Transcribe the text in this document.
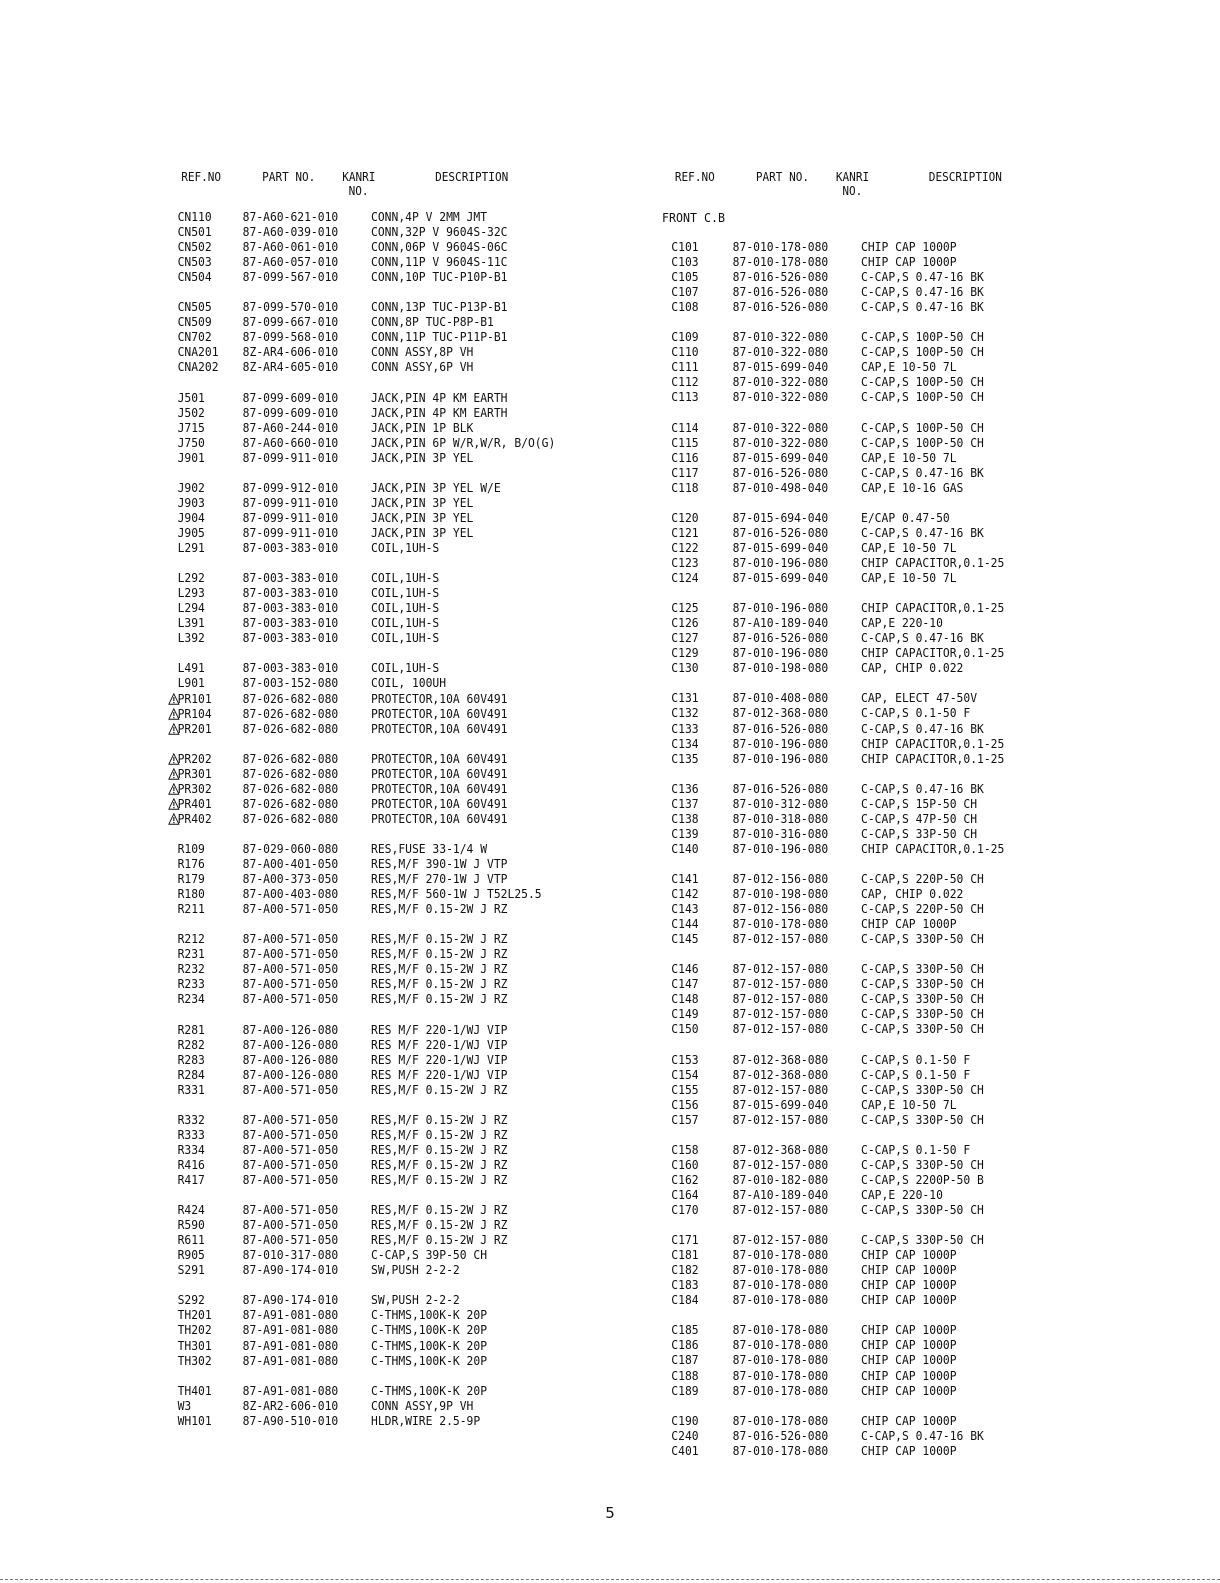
REF.NO	PART NO. KANRI
NO.
DESCRIPTION
CN110	87-A60-621-010	CONN,4P V 2MM JMT
CN501	87-A60-039-010	CONN,32P V 9604S-32C
CN502	87-A60-061-010	CONN,06P V 9604S-06C
CN503	87-A60-057-010	CONN,11P V 9604S-11C
CN504	87-099-567-010	CONN,10P TUC-P10P-B1
CN505	87-099-570-010	CONN,13P TUC-P13P-B1
CN509	87-099-667-010	CONN,8P TUC-P8P-B1
CN702	87-099-568-010	CONN,11P TUC-P11P-B1
CNA201 8Z-AR4-606-010	CONN ASSY,8P VH
CNA202 8Z-AR4-605-010	CONN ASSY,6P VH
J501	87-099-609-010	JACK,PIN 4P KM EARTH
J502	87-099-609-010	JACK,PIN 4P KM EARTH
J715	87-A60-244-010	JACK,PIN 1P BLK
J750	87-A60-660-010	JACK,PIN 6P W/R,W/R, B/O(G)
J901	87-099-911-010	JACK,PIN 3P YEL
J902	87-099-912-010	JACK,PIN 3P YEL W/E
J903	87-099-911-010	JACK,PIN 3P YEL
J904	87-099-911-010	JACK,PIN 3P YEL
J905	87-099-911-010	JACK,PIN 3P YEL
L291	87-003-383-010	COIL,1UH-S
L292	87-003-383-010	COIL,1UH-S
L293	87-003-383-010	COIL,1UH-S
L294	87-003-383-010	COIL,1UH-S
L391	87-003-383-010	COIL,1UH-S
L392	87-003-383-010	COIL,1UH-S
L491	87-003-383-010	COIL,1UH-S
L901	87-003-152-080	COIL, 100UH
PR101	87-026-682-080	PROTECTOR,10A 60V491
PR104	87-026-682-080	PROTECTOR,10A 60V491
PR201	87-026-682-080	PROTECTOR,10A 60V491
PR202	87-026-682-080	PROTECTOR,10A 60V491
PR301	87-026-682-080	PROTECTOR,10A 60V491
PR302	87-026-682-080	PROTECTOR,10A 60V491
PR401	87-026-682-080	PROTECTOR,10A 60V491
PR402	87-026-682-080	PROTECTOR,10A 60V491
R109	87-029-060-080	RES,FUSE 33-1/4 W
R176	87-A00-401-050	RES,M/F 390-1W J VTP
R179	87-A00-373-050	RES,M/F 270-1W J VTP
R180	87-A00-403-080	RES,M/F 560-1W J T52L25.5
R211	87-A00-571-050	RES,M/F 0.15-2W J RZ
R212	87-A00-571-050	RES,M/F 0.15-2W J RZ
R231	87-A00-571-050	RES,M/F 0.15-2W J RZ
R232	87-A00-571-050	RES,M/F 0.15-2W J RZ
R233	87-A00-571-050	RES,M/F 0.15-2W J RZ
R234	87-A00-571-050	RES,M/F 0.15-2W J RZ
R281	87-A00-126-080	RES M/F 220-1/WJ VIP
R282	87-A00-126-080	RES M/F 220-1/WJ VIP
R283	87-A00-126-080	RES M/F 220-1/WJ VIP
R284	87-A00-126-080	RES M/F 220-1/WJ VIP
R331	87-A00-571-050	RES,M/F 0.15-2W J RZ
R332	87-A00-571-050	RES,M/F 0.15-2W J RZ
R333	87-A00-571-050	RES,M/F 0.15-2W J RZ
R334	87-A00-571-050	RES,M/F 0.15-2W J RZ
R416	87-A00-571-050	RES,M/F 0.15-2W J RZ
R417	87-A00-571-050	RES,M/F 0.15-2W J RZ
R424	87-A00-571-050	RES,M/F 0.15-2W J RZ
R590	87-A00-571-050	RES,M/F 0.15-2W J RZ
R611	87-A00-571-050	RES,M/F 0.15-2W J RZ
R905	87-010-317-080	C-CAP,S 39P-50 CH
S291	87-A90-174-010	SW,PUSH 2-2-2
S292	87-A90-174-010	SW,PUSH 2-2-2
TH201	87-A91-081-080	C-THMS,100K-K 20P
TH202	87-A91-081-080	C-THMS,100K-K 20P
TH301	87-A91-081-080	C-THMS,100K-K 20P
TH302	87-A91-081-080	C-THMS,100K-K 20P
TH401	87-A91-081-080	C-THMS,100K-K 20P
W3	8Z-AR2-606-010	CONN ASSY,9P VH
WH101	87-A90-510-010	HLDR,WIRE 2.5-9P
REF.NO	PART NO. KANRI
NO.
DESCRIPTION
FRONT C.B
C101	87-010-178-080	CHIP CAP 1000P
C103	87-010-178-080	CHIP CAP 1000P
C105	87-016-526-080	C-CAP,S 0.47-16 BK
C107	87-016-526-080	C-CAP,S 0.47-16 BK
C108	87-016-526-080	C-CAP,S 0.47-16 BK
C109	87-010-322-080	C-CAP,S 100P-50 CH
C110	87-010-322-080	C-CAP,S 100P-50 CH
C111	87-015-699-040	CAP,E 10-50 7L
C112	87-010-322-080	C-CAP,S 100P-50 CH
C113	87-010-322-080	C-CAP,S 100P-50 CH
C114	87-010-322-080	C-CAP,S 100P-50 CH
C115	87-010-322-080	C-CAP,S 100P-50 CH
C116	87-015-699-040	CAP,E 10-50 7L
C117	87-016-526-080	C-CAP,S 0.47-16 BK
C118	87-010-498-040	CAP,E 10-16 GAS
C120	87-015-694-040	E/CAP 0.47-50
C121	87-016-526-080	C-CAP,S 0.47-16 BK
C122	87-015-699-040	CAP,E 10-50 7L
C123	87-010-196-080	CHIP CAPACITOR,0.1-25
C124	87-015-699-040	CAP,E 10-50 7L
C125	87-010-196-080	CHIP CAPACITOR,0.1-25
C126	87-A10-189-040	CAP,E 220-10
C127	87-016-526-080	C-CAP,S 0.47-16 BK
C129	87-010-196-080	CHIP CAPACITOR,0.1-25
C130	87-010-198-080	CAP, CHIP 0.022
C131	87-010-408-080	CAP, ELECT 47-50V
C132	87-012-368-080	C-CAP,S 0.1-50 F
C133	87-016-526-080	C-CAP,S 0.47-16 BK
C134	87-010-196-080	CHIP CAPACITOR,0.1-25
C135	87-010-196-080	CHIP CAPACITOR,0.1-25
C136	87-016-526-080	C-CAP,S 0.47-16 BK
C137	87-010-312-080	C-CAP,S 15P-50 CH
C138	87-010-318-080	C-CAP,S 47P-50 CH
C139	87-010-316-080	C-CAP,S 33P-50 CH
C140	87-010-196-080	CHIP CAPACITOR,0.1-25
C141	87-012-156-080	C-CAP,S 220P-50 CH
C142	87-010-198-080	CAP, CHIP 0.022
C143	87-012-156-080	C-CAP,S 220P-50 CH
C144	87-010-178-080	CHIP CAP 1000P
C145	87-012-157-080	C-CAP,S 330P-50 CH
C146	87-012-157-080	C-CAP,S 330P-50 CH
C147	87-012-157-080	C-CAP,S 330P-50 CH
C148	87-012-157-080	C-CAP,S 330P-50 CH
C149	87-012-157-080	C-CAP,S 330P-50 CH
C150	87-012-157-080	C-CAP,S 330P-50 CH
C153	87-012-368-080	C-CAP,S 0.1-50 F
C154	87-012-368-080	C-CAP,S 0.1-50 F
C155	87-012-157-080	C-CAP,S 330P-50 CH
C156	87-015-699-040	CAP,E 10-50 7L
C157	87-012-157-080	C-CAP,S 330P-50 CH
C158	87-012-368-080	C-CAP,S 0.1-50 F
C160	87-012-157-080	C-CAP,S 330P-50 CH
C162	87-010-182-080	C-CAP,S 2200P-50 B
C164	87-A10-189-040	CAP,E 220-10
C170	87-012-157-080	C-CAP,S 330P-50 CH
C171	87-012-157-080	C-CAP,S 330P-50 CH
C181	87-010-178-080	CHIP CAP 1000P
C182	87-010-178-080	CHIP CAP 1000P
C183	87-010-178-080	CHIP CAP 1000P
C184	87-010-178-080	CHIP CAP 1000P
C185	87-010-178-080	CHIP CAP 1000P
C186	87-010-178-080	CHIP CAP 1000P
C187	87-010-178-080	CHIP CAP 1000P
C188	87-010-178-080	CHIP CAP 1000P
C189	87-010-178-080	CHIP CAP 1000P
C190	87-010-178-080	CHIP CAP 1000P
C240	87-016-526-080	C-CAP,S 0.47-16 BK
C401	87-010-178-080	CHIP CAP 1000P
5
